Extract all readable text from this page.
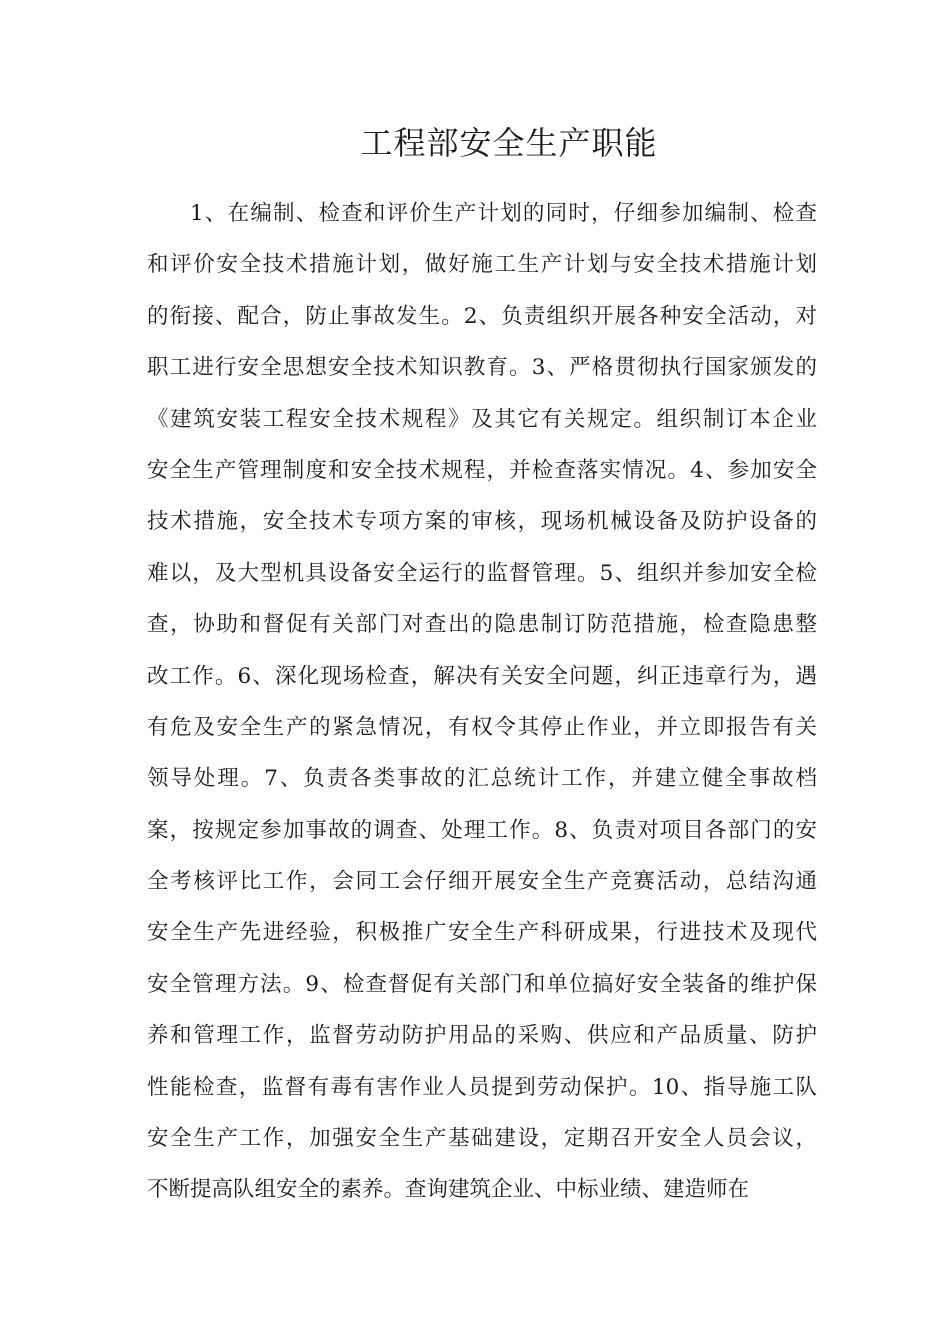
工程部安全生产职能
1、在编制、检查和评价生产计划的同时，仔细参加编制、检查
和评价安全技术措施计划，做好施工生产计划与安全技术措施计划
的衔接、配合，防止事故发生。2、负责组织开展各种安全活动，对
职工进行安全思想安全技术知识教育。3、严格贯彻执行国家颁发的
《建筑安装工程安全技术规程》及其它有关规定。组织制订本企业
安全生产管理制度和安全技术规程，并检查落实情况。4、参加安全
技术措施，安全技术专项方案的审核，现场机械设备及防护设备的
难以，及大型机具设备安全运行的监督管理。5、组织并参加安全检
查，协助和督促有关部门对查出的隐患制订防范措施，检查隐患整
改工作。6、深化现场检查，解决有关安全问题，纠正违章行为，遇
有危及安全生产的紧急情况，有权令其停止作业，并立即报告有关
领导处理。7、负责各类事故的汇总统计工作，并建立健全事故档
案，按规定参加事故的调查、处理工作。8、负责对项目各部门的安
全考核评比工作，会同工会仔细开展安全生产竞赛活动，总结沟通
安全生产先进经验，积极推广安全生产科研成果，行进技术及现代
安全管理方法。9、检查督促有关部门和单位搞好安全装备的维护保
养和管理工作，监督劳动防护用品的采购、供应和产品质量、防护
性能检查，监督有毒有害作业人员提到劳动保护。10、指导施工队
安全生产工作，加强安全生产基础建设，定期召开安全人员会议，
不断提高队组安全的素养。查询建筑企业、中标业绩、建造师在
